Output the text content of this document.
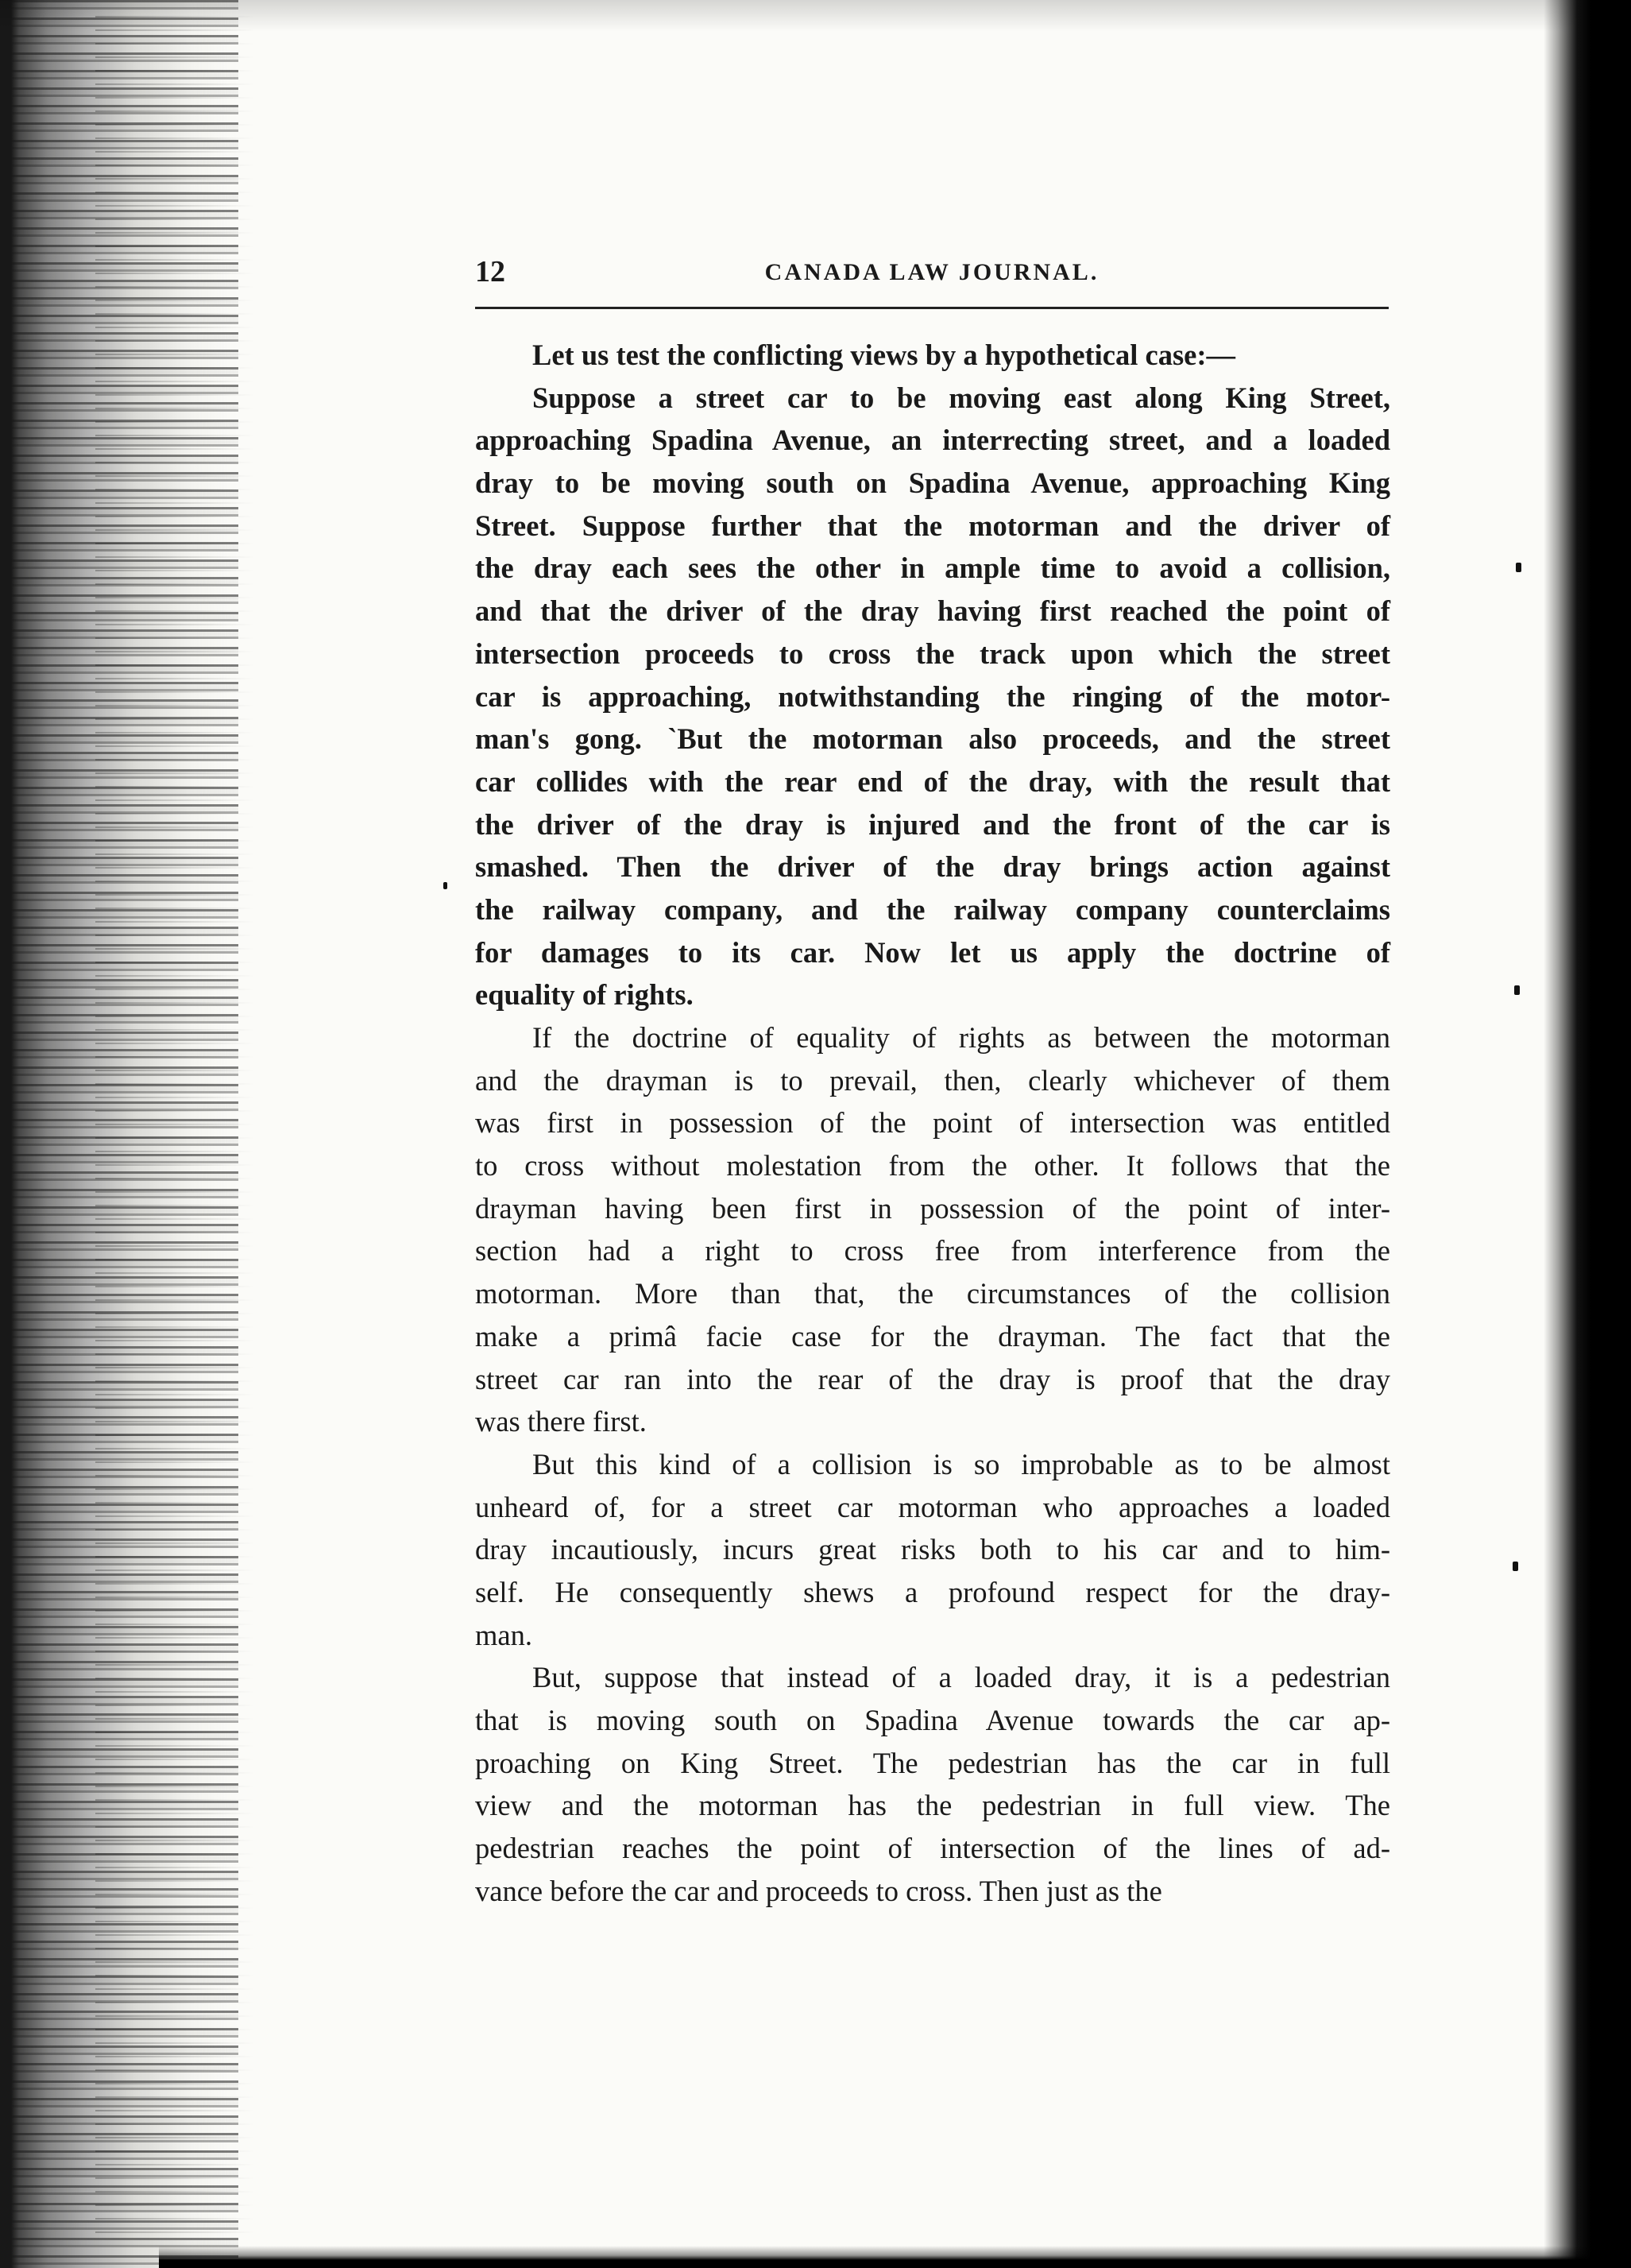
12	CANADA LAW JOURNAL.
Let us test the conflicting views by a hypothetical case:—
Suppose a street car to be moving east along King Street,
approaching Spadina Avenue, an interrecting street, and a loaded
dray to be moving south on Spadina Avenue, approaching King
Street. Suppose further that the motorman and the driver of
the dray each sees the other in ample time to avoid a collision,
and that the driver of the dray having first reached the point of
intersection proceeds to cross the track upon which the street
car is approaching, notwithstanding the ringing of the motor-
man's gong. `But the motorman also proceeds, and the street
car collides with the rear end of the dray, with the result that
the driver of the dray is injured and the front of the car is
smashed. Then the driver of the dray brings action against
the railway company, and the railway company counterclaims
for damages to its car. Now let us apply the doctrine of
equality of rights.
If the doctrine of equality of rights as between the motorman
and the drayman is to prevail, then, clearly whichever of them
was first in possession of the point of intersection was entitled
to cross without molestation from the other. It follows that the
drayman having been first in possession of the point of inter-
section had a right to cross free from interference from the
motorman. More than that, the circumstances of the collision
make a primâ facie case for the drayman. The fact that the
street car ran into the rear of the dray is proof that the dray
was there first.
But this kind of a collision is so improbable as to be almost
unheard of, for a street car motorman who approaches a loaded
dray incautiously, incurs great risks both to his car and to him-
self. He consequently shews a profound respect for the dray-
man.
But, suppose that instead of a loaded dray, it is a pedestrian
that is moving south on Spadina Avenue towards the car ap-
proaching on King Street. The pedestrian has the car in full
view and the motorman has the pedestrian in full view. The
pedestrian reaches the point of intersection of the lines of ad-
vance before the car and proceeds to cross. Then just as the
